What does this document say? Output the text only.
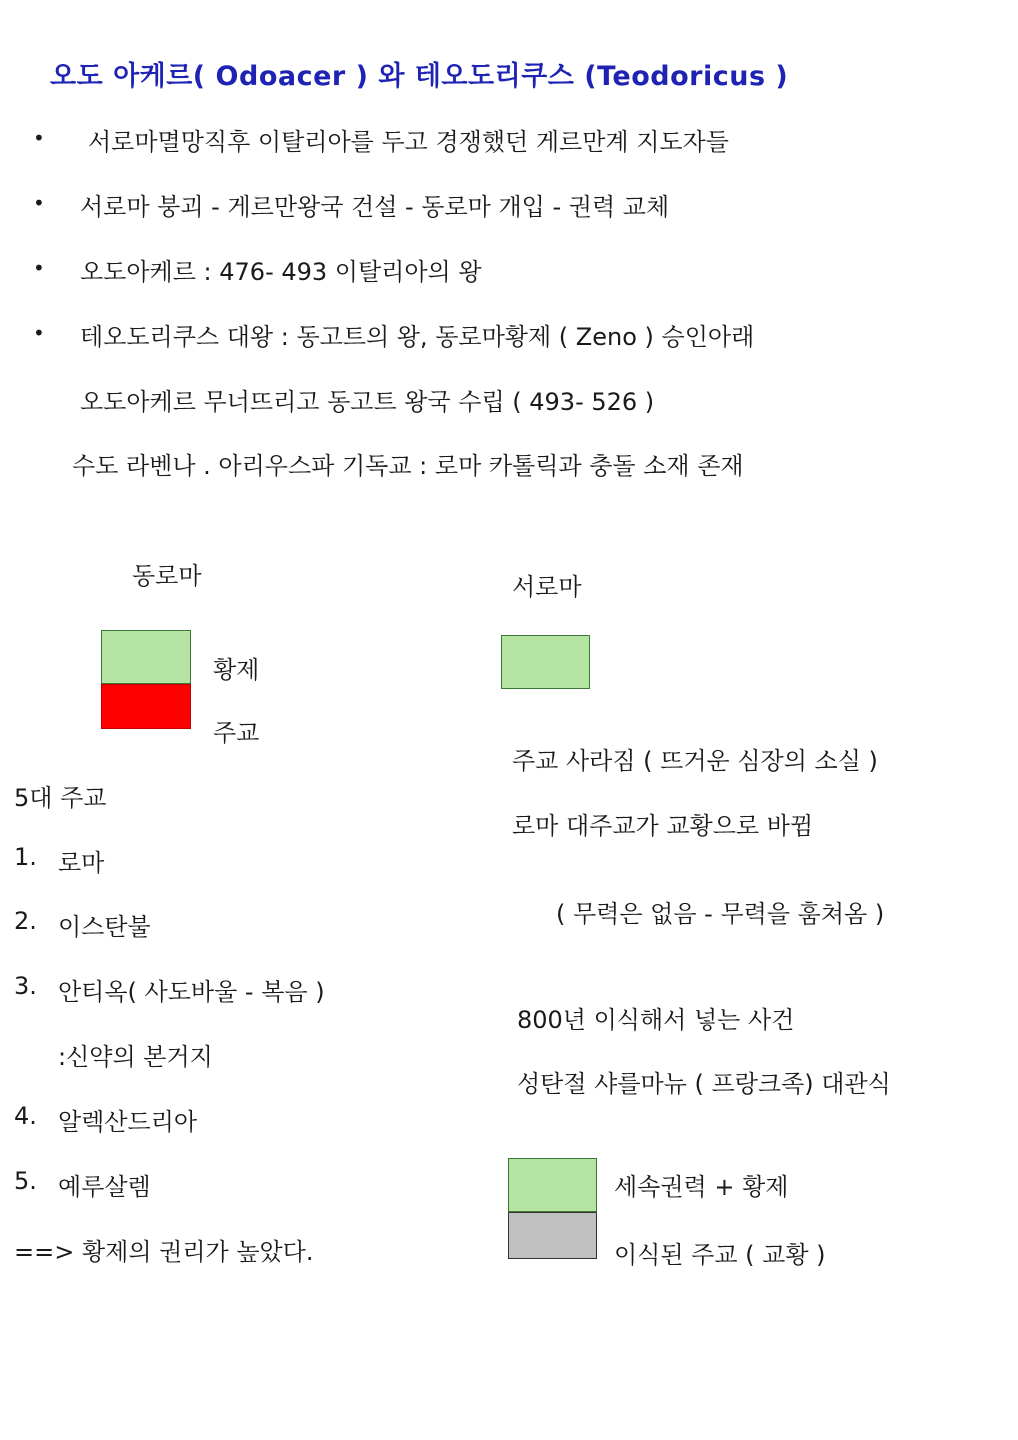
오도 아케르( Odoacer ) 와 테오도리쿠스 (Teodoricus )
• 서로마멸망직후 이탈리아를 두고 경쟁했던 게르만계 지도자들
• 서로마 붕괴 - 게르만왕국 건설 - 동로마 개입 - 권력 교체
• 오도아케르 : 476- 493 이탈리아의 왕
• 테오도리쿠스 대왕 : 동고트의 왕, 동로마황제 ( Zeno ) 승인아래
오도아케르 무너뜨리고 동고트 왕국 수립 ( 493- 526 )
수도 라벤나 . 아리우스파 기독교 : 로마 카톨릭과 충돌 소재 존재
동로마
황제
주교
서로마
주교 사라짐 ( 뜨거운 심장의 소실 )
로마 대주교가 교황으로 바뀜
( 무력은 없음 - 무력을 훔쳐옴 )
800년 이식해서 넣는 사건
성탄절 샤를마뉴 ( 프랑크족) 대관식
세속권력 + 황제
이식된 주교 ( 교황 )
5대 주교
1. 로마
2. 이스탄불
3. 안티옥( 사도바울 - 복음 )
:신약의 본거지
4. 알렉산드리아
5. 예루살렘
==> 황제의 권리가 높았다.
